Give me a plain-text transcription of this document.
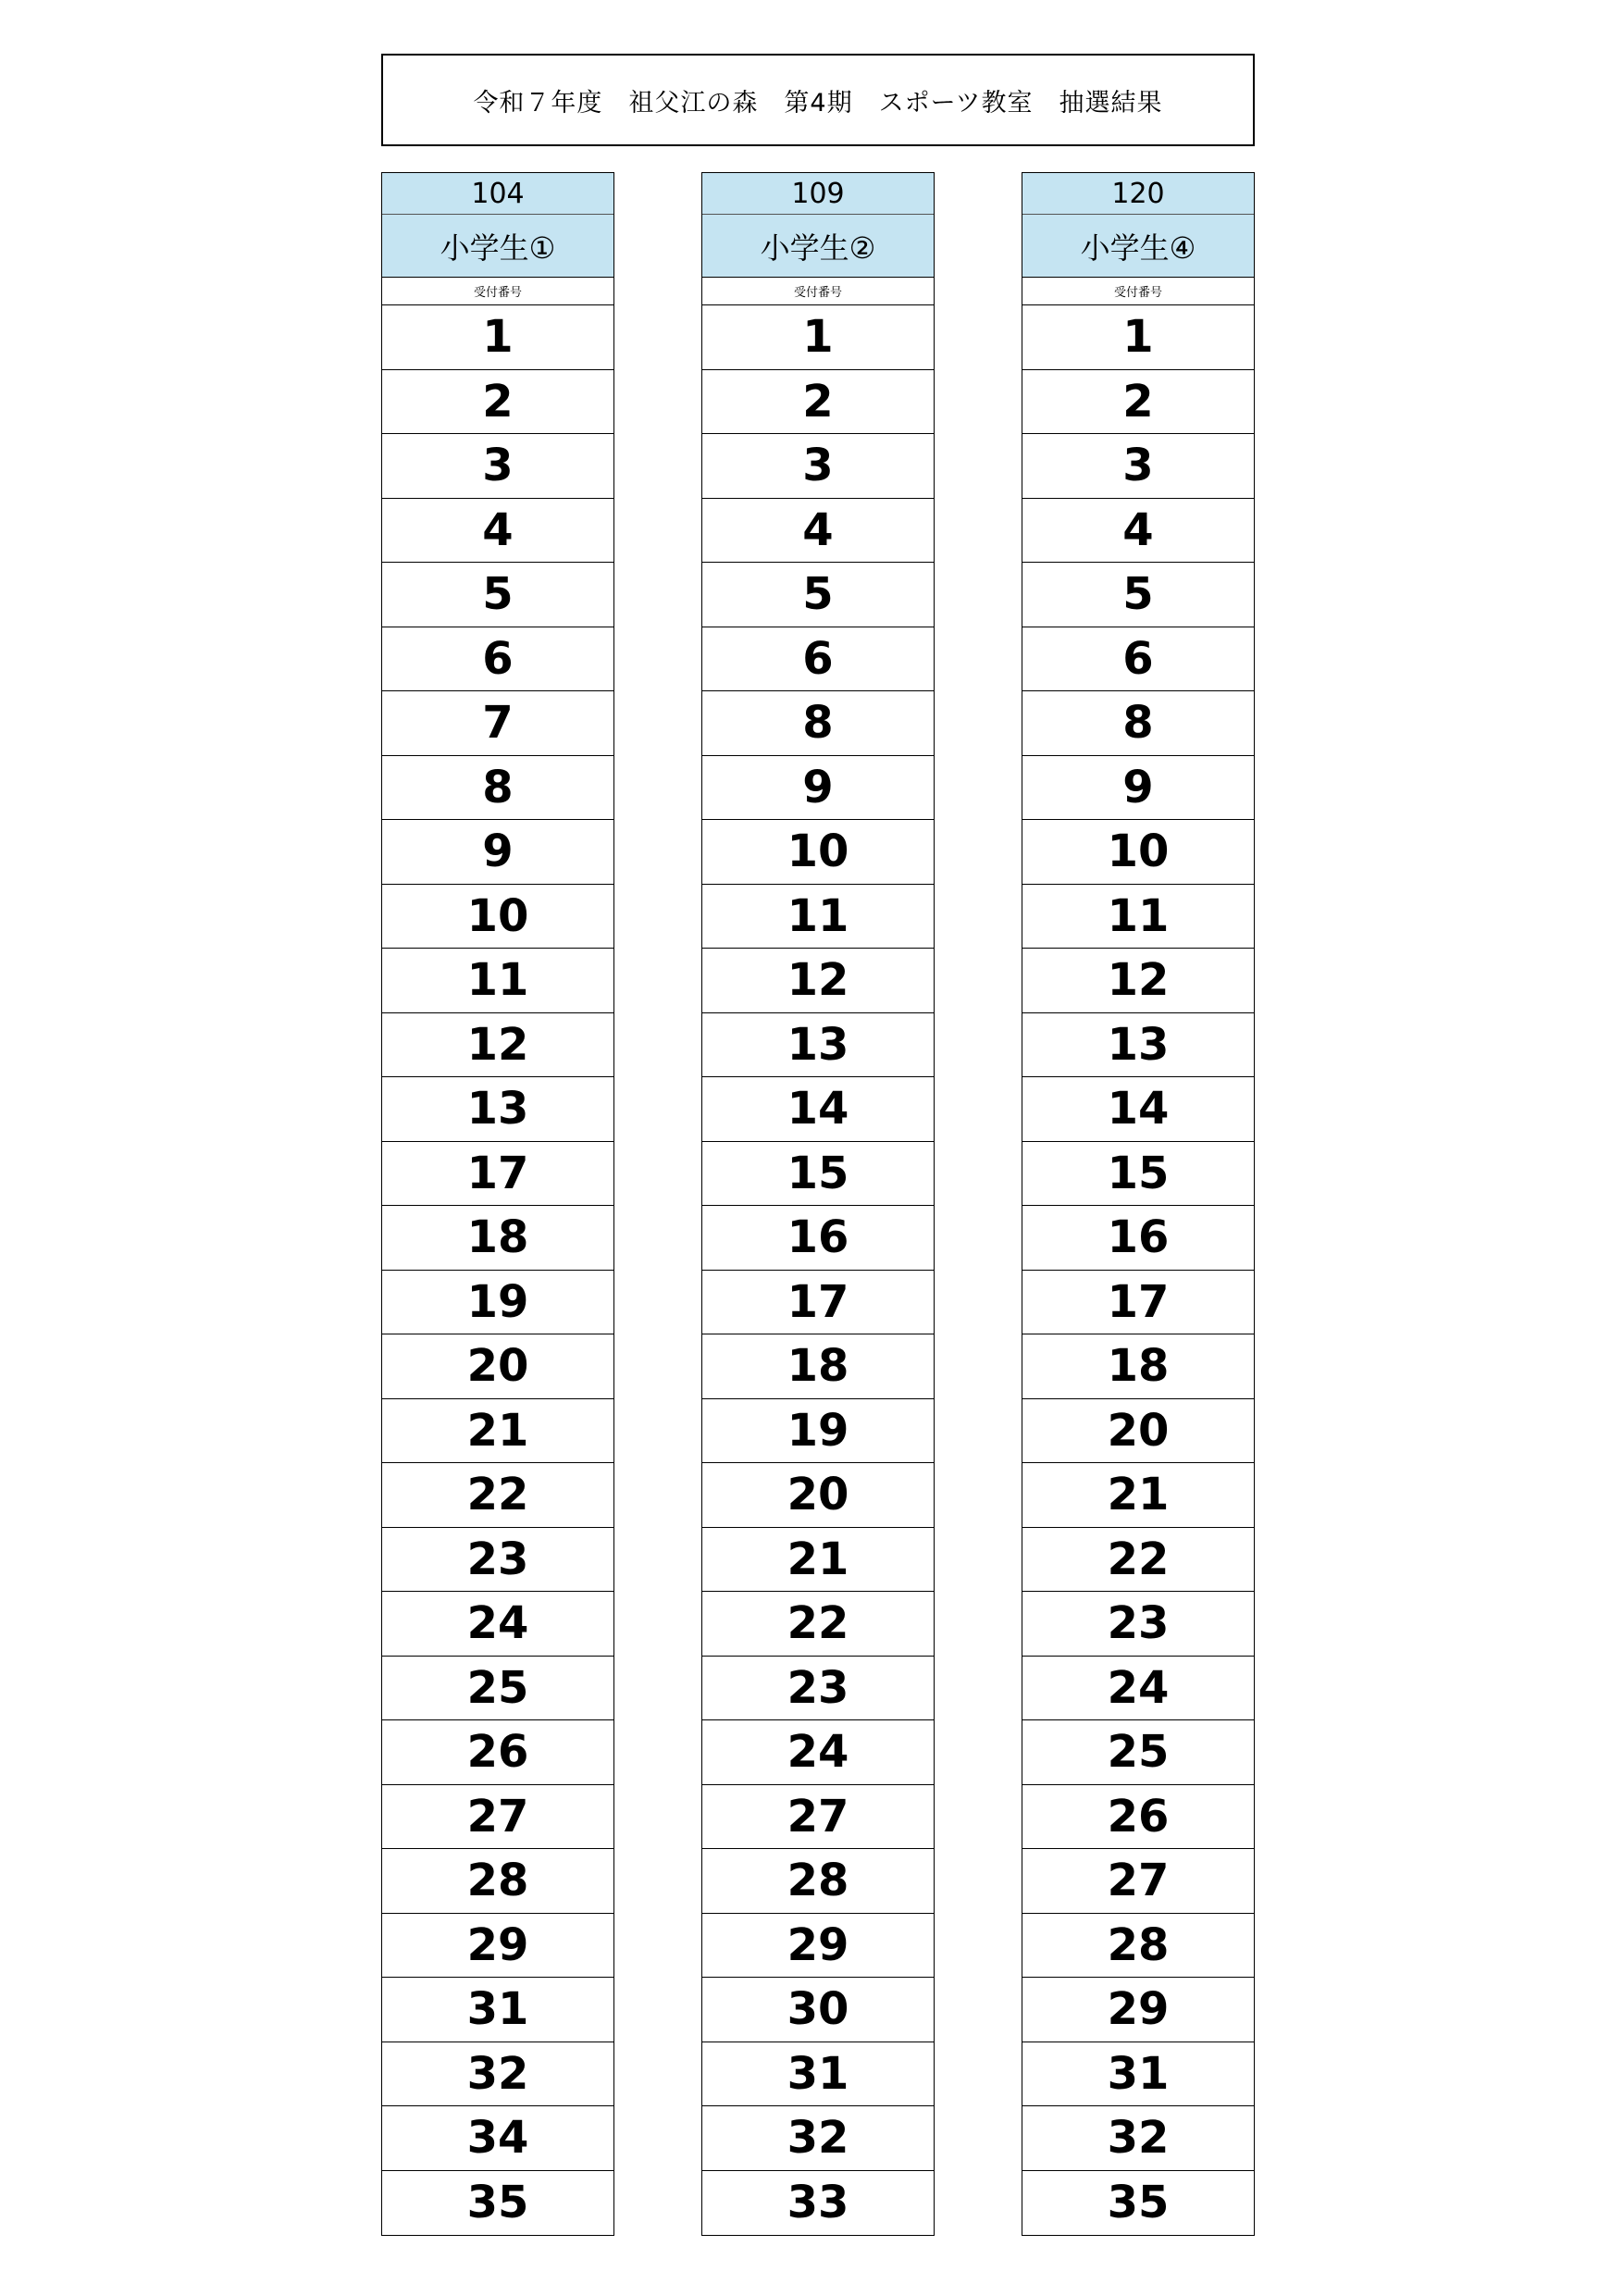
令和７年度　祖父江の森　第4期　スポーツ教室　抽選結果
104
小学生①
受付番号
1
2
3
4
5
6
7
8
9
10
11
12
13
17
18
19
20
21
22
23
24
25
26
27
28
29
31
32
34
35
109
小学生②
受付番号
1
2
3
4
5
6
8
9
10
11
12
13
14
15
16
17
18
19
20
21
22
23
24
27
28
29
30
31
32
33
120
小学生④
受付番号
1
2
3
4
5
6
8
9
10
11
12
13
14
15
16
17
18
20
21
22
23
24
25
26
27
28
29
31
32
35
